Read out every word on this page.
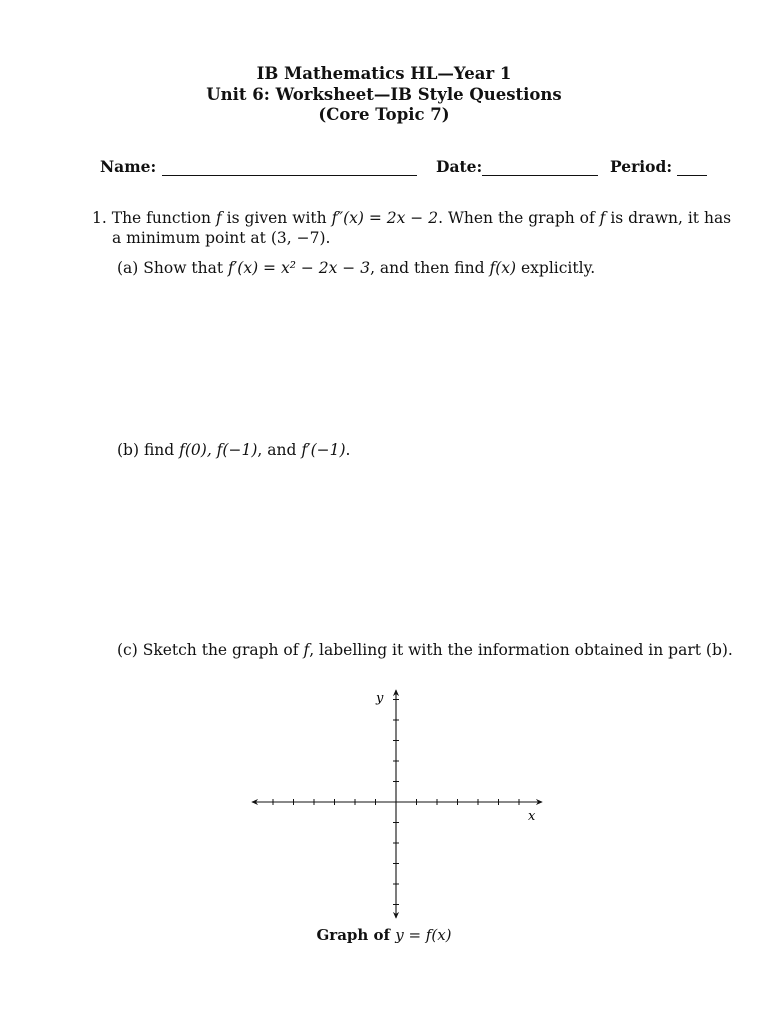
IB Mathematics HL—Year 1
Unit 6: Worksheet—IB Style Questions
(Core Topic 7)
Name:	Date:	Period:
1. The function f is given with f″(x) = 2x − 2. When the graph of f is drawn, it has
a minimum point at (3, −7).
(a) Show that f′(x) = x² − 2x − 3, and then find f(x) explicitly.
(b) find f(0), f(−1), and f′(−1).
(c) Sketch the graph of f, labelling it with the information obtained in part (b).
x
y
Graph of y = f(x)
